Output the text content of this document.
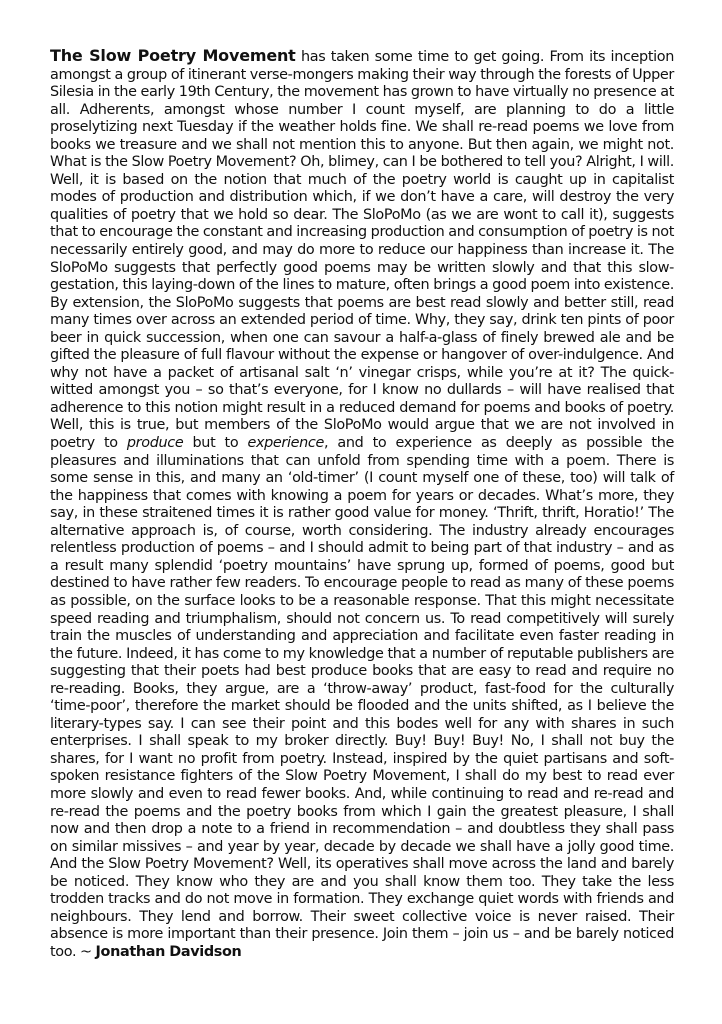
The Slow Poetry Movement has taken some time to get going. From its inception amongst a group of itinerant verse-mongers making their way through the forests of Upper Silesia in the early 19th Century, the movement has grown to have virtually no presence at all. Adherents, amongst whose number I count myself, are planning to do a little proselytizing next Tuesday if the weather holds fine. We shall re-read poems we love from books we treasure and we shall not mention this to anyone. But then again, we might not. What is the Slow Poetry Movement? Oh, blimey, can I be bothered to tell you? Alright, I will. Well, it is based on the notion that much of the poetry world is caught up in capitalist modes of production and distribution which, if we don’t have a care, will destroy the very qualities of poetry that we hold so dear. The SloPoMo (as we are wont to call it), suggests that to encourage the constant and increasing production and consumption of poetry is not necessarily entirely good, and may do more to reduce our happiness than increase it. The SloPoMo suggests that perfectly good poems may be written slowly and that this slow-gestation, this laying-down of the lines to mature, often brings a good poem into existence. By extension, the SloPoMo suggests that poems are best read slowly and better still, read many times over across an extended period of time. Why, they say, drink ten pints of poor beer in quick succession, when one can savour a half-a-glass of finely brewed ale and be gifted the pleasure of full flavour without the expense or hangover of over-indulgence. And why not have a packet of artisanal salt ‘n’ vinegar crisps, while you’re at it? The quick-witted amongst you – so that’s everyone, for I know no dullards – will have realised that adherence to this notion might result in a reduced demand for poems and books of poetry. Well, this is true, but members of the SloPoMo would argue that we are not involved in poetry to produce but to experience, and to experience as deeply as possible the pleasures and illuminations that can unfold from spending time with a poem. There is some sense in this, and many an ‘old-timer’ (I count myself one of these, too) will talk of the happiness that comes with knowing a poem for years or decades. What’s more, they say, in these straitened times it is rather good value for money. ‘Thrift, thrift, Horatio!’ The alternative approach is, of course, worth considering. The industry already encourages relentless production of poems – and I should admit to being part of that industry – and as a result many splendid ‘poetry mountains’ have sprung up, formed of poems, good but destined to have rather few readers. To encourage people to read as many of these poems as possible, on the surface looks to be a reasonable response. That this might necessitate speed reading and triumphalism, should not concern us. To read competitively will surely train the muscles of understanding and appreciation and facilitate even faster reading in the future. Indeed, it has come to my knowledge that a number of reputable publishers are suggesting that their poets had best produce books that are easy to read and require no re-reading. Books, they argue, are a ‘throw-away’ product, fast-food for the culturally ‘time-poor’, therefore the market should be flooded and the units shifted, as I believe the literary-types say. I can see their point and this bodes well for any with shares in such enterprises. I shall speak to my broker directly. Buy! Buy! Buy! No, I shall not buy the shares, for I want no profit from poetry. Instead, inspired by the quiet partisans and soft-spoken resistance fighters of the Slow Poetry Movement, I shall do my best to read ever more slowly and even to read fewer books. And, while continuing to read and re-read and re-read the poems and the poetry books from which I gain the greatest pleasure, I shall now and then drop a note to a friend in recommendation – and doubtless they shall pass on similar missives – and year by year, decade by decade we shall have a jolly good time. And the Slow Poetry Movement? Well, its operatives shall move across the land and barely be noticed. They know who they are and you shall know them too. They take the less trodden tracks and do not move in formation. They exchange quiet words with friends and neighbours. They lend and borrow. Their sweet collective voice is never raised. Their absence is more important than their presence. Join them – join us – and be barely noticed too. ~ Jonathan Davidson
